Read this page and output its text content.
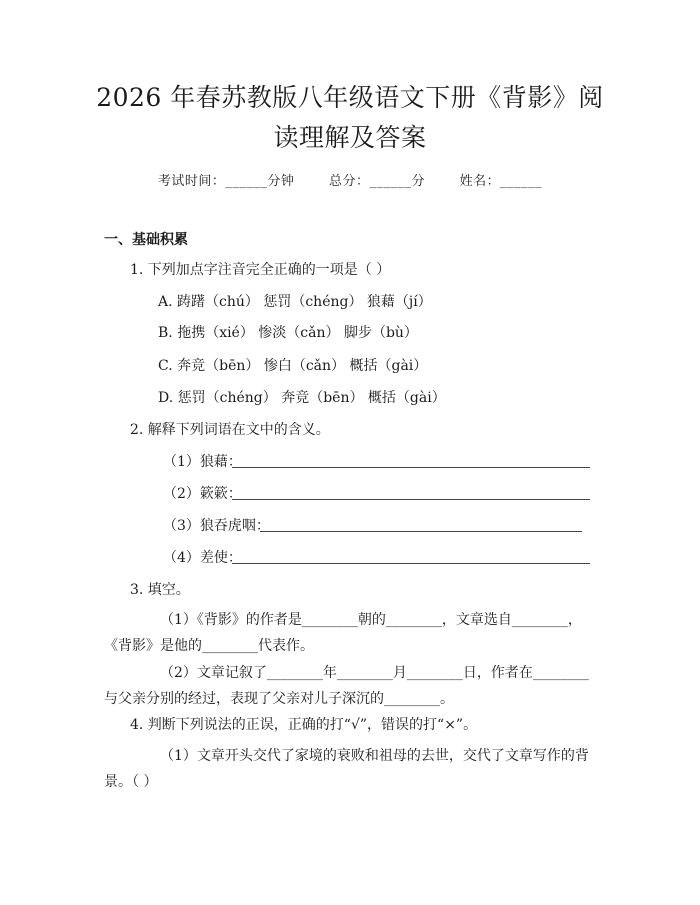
2026 年春苏教版八年级语文下册《背影》阅
读理解及答案
考试时间：______分钟	总分：______分	姓名：______
一、基础积累
1. 下列加点字注音完全正确的一项是（ ）
A. 踌躇（chú） 惩罚（chéng） 狼藉（jí）
B. 拖携（xié） 惨淡（cǎn） 脚步（bù）
C. 奔竞（bēn） 惨白（cǎn） 概括（gài）
D. 惩罚（chéng） 奔竞（bēn） 概括（gài）
2. 解释下列词语在文中的含义。
（1）狼藉：
（2）簌簌：
（3）狼吞虎咽：
（4）差使：
3. 填空。
（1）《背影》的作者是________朝的________，文章选自________，《背影》是他的________代表作。
（2）文章记叙了________年________月________日，作者在________与父亲分别的经过，表现了父亲对儿子深沉的________。
4. 判断下列说法的正误，正确的打“√”，错误的打“×”。
（1）文章开头交代了家境的衰败和祖母的去世，交代了文章写作的背景。（ ）
